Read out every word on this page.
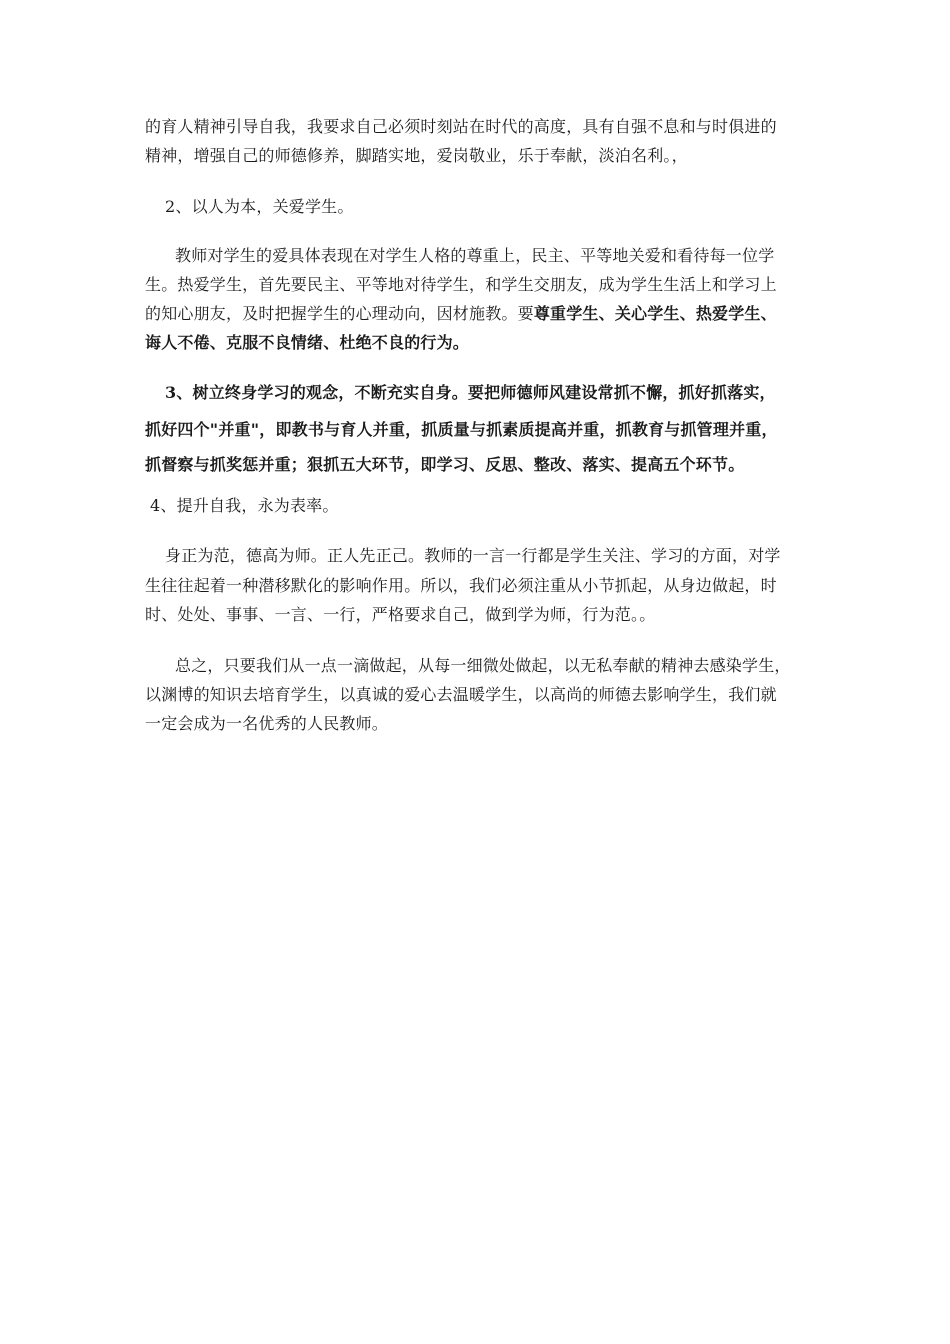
的育人精神引导自我，我要求自己必须时刻站在时代的高度，具有自强不息和与时俱进的

精神，增强自己的师德修养，脚踏实地，爱岗敬业，乐于奉献，淡泊名利。，

2、以人为本，关爱学生。

教师对学生的爱具体表现在对学生人格的尊重上，民主、平等地关爱和看待每一位学

生。热爱学生，首先要民主、平等地对待学生，和学生交朋友，成为学生生活上和学习上

的知心朋友，及时把握学生的心理动向，因材施教。要尊重学生、关心学生、热爱学生、

诲人不倦、克服不良情绪、杜绝不良的行为。

3、树立终身学习的观念，不断充实自身。要把师德师风建设常抓不懈，抓好抓落实，

抓好四个"并重"，即教书与育人并重，抓质量与抓素质提高并重，抓教育与抓管理并重，

抓督察与抓奖惩并重；狠抓五大环节，即学习、反思、整改、落实、提高五个环节。

4、提升自我，永为表率。

身正为范，德高为师。正人先正己。教师的一言一行都是学生关注、学习的方面，对学

生往往起着一种潜移默化的影响作用。所以，我们必须注重从小节抓起，从身边做起，时

时、处处、事事、一言、一行，严格要求自己，做到学为师，行为范。。

总之，只要我们从一点一滴做起，从每一细微处做起，以无私奉献的精神去感染学生，

以渊博的知识去培育学生，以真诚的爱心去温暖学生，以高尚的师德去影响学生，我们就

一定会成为一名优秀的人民教师。
